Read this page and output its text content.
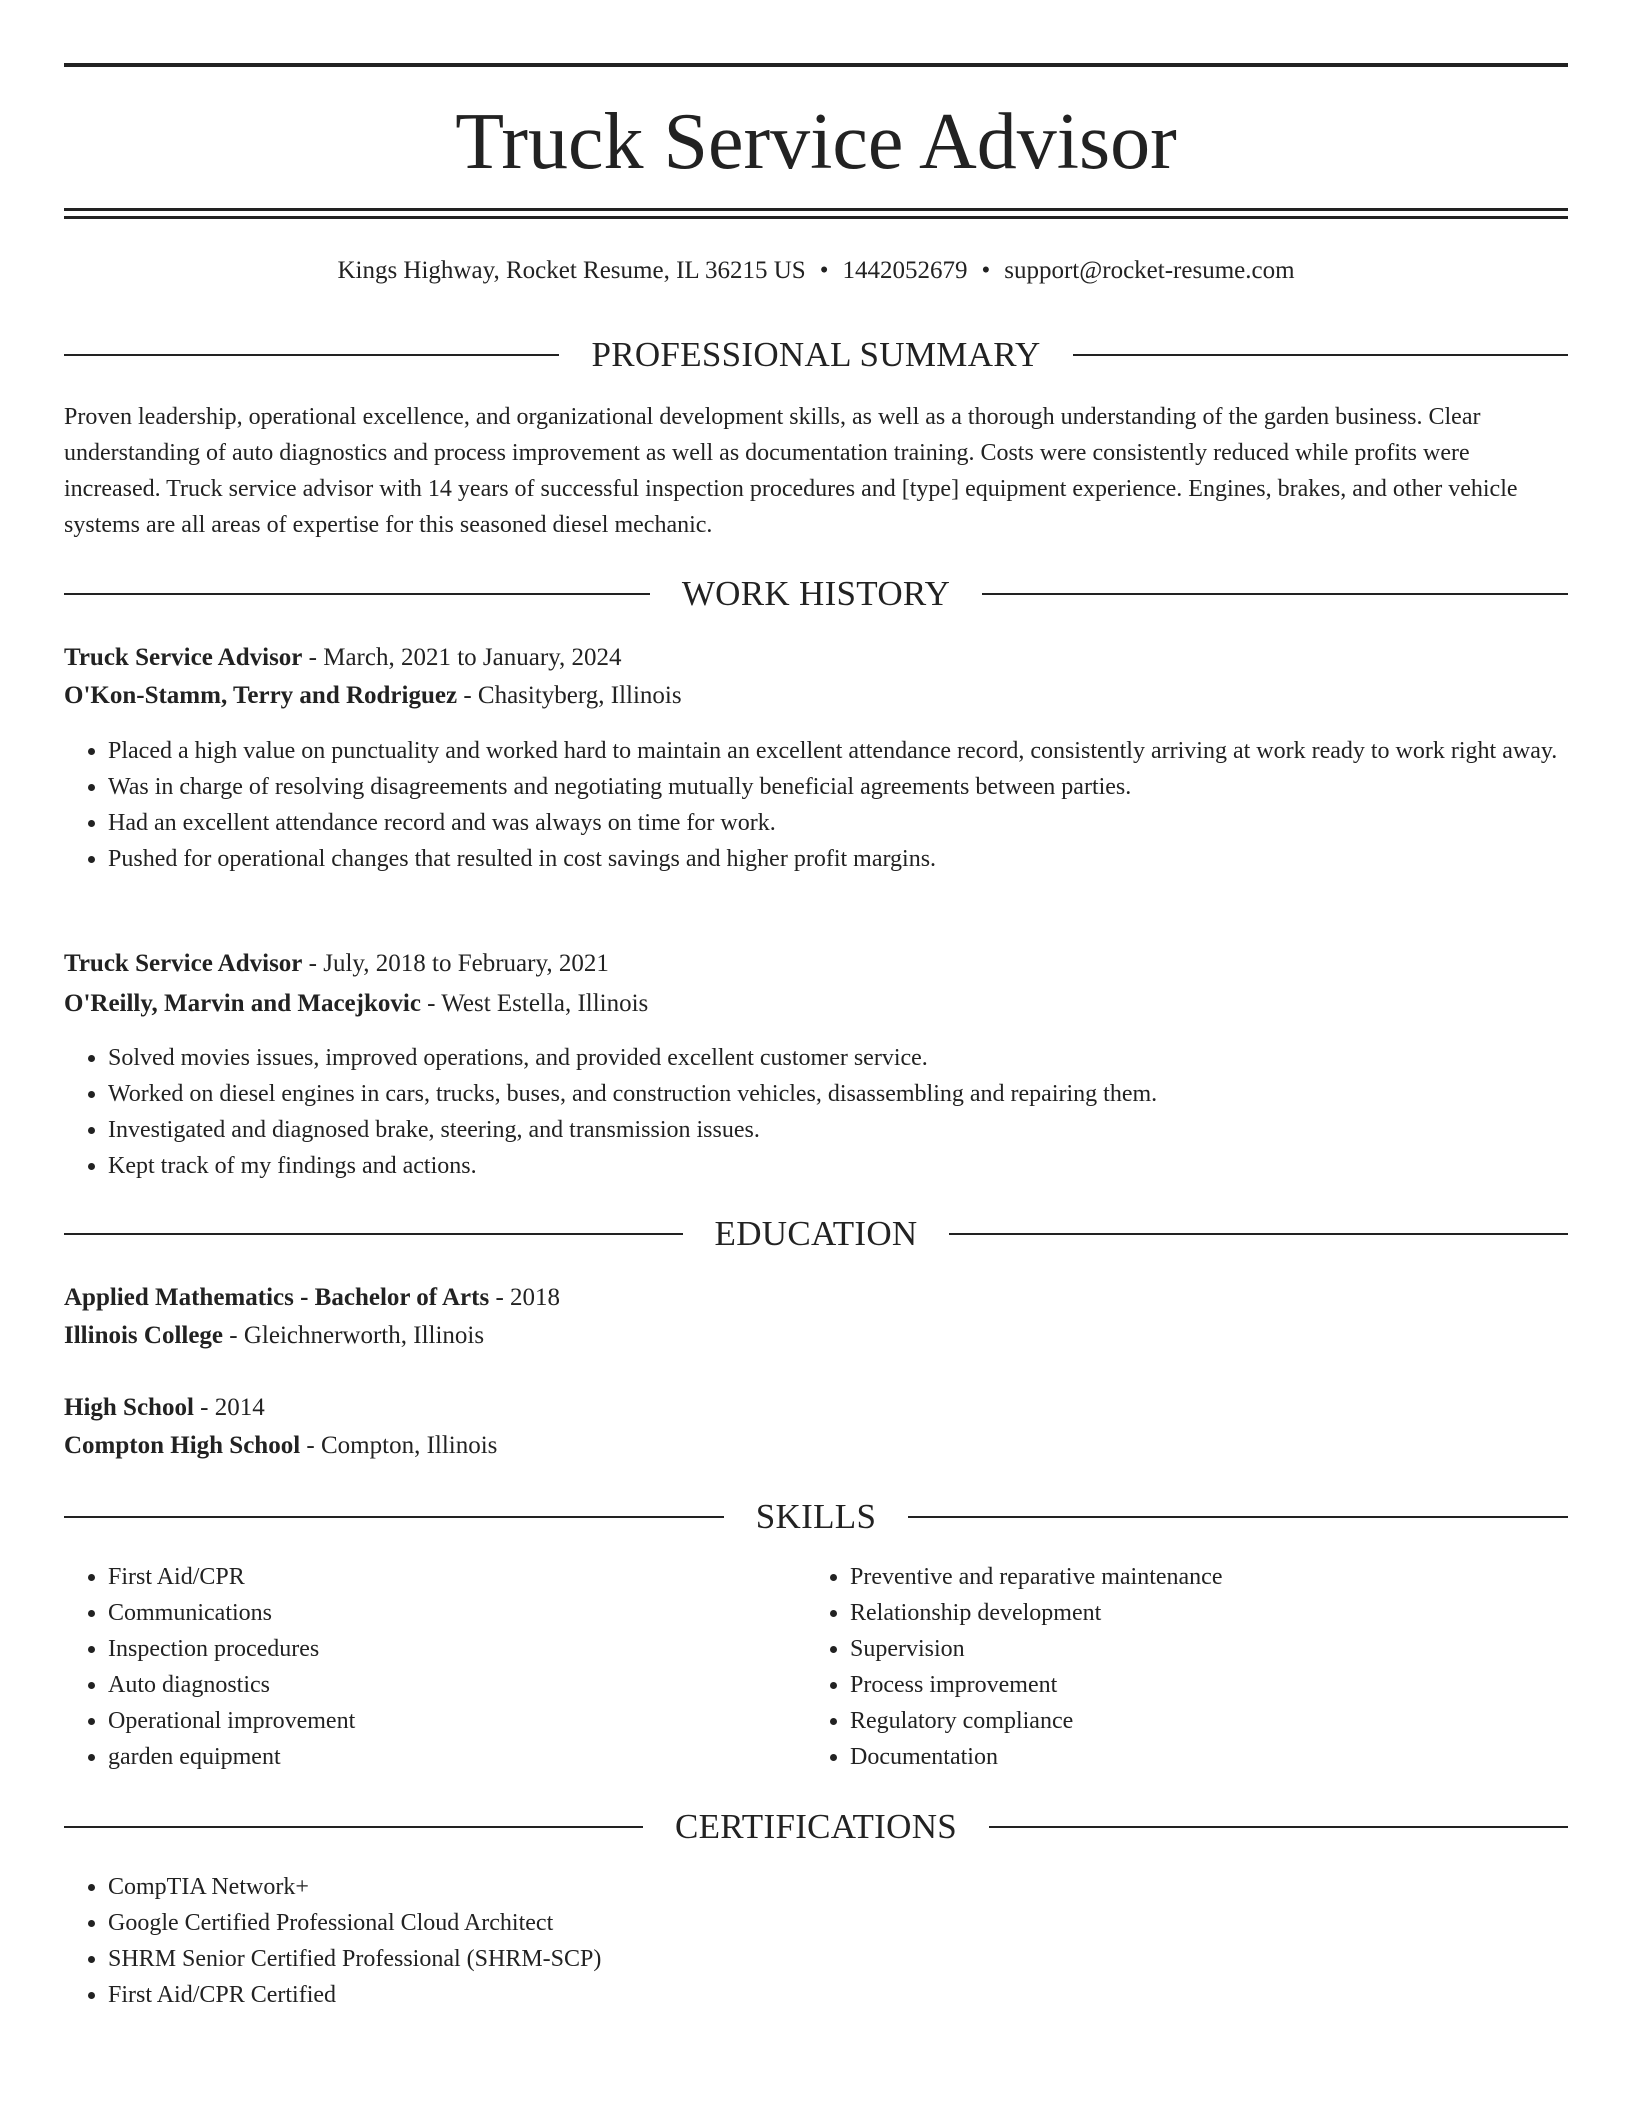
Truck Service Advisor
Kings Highway, Rocket Resume, IL 36215 US • 1442052679 • support@rocket-resume.com
PROFESSIONAL SUMMARY

Proven leadership, operational excellence, and organizational development skills, as well as a thorough understanding of the garden business. Clear understanding of auto diagnostics and process improvement as well as documentation training. Costs were consistently reduced while profits were increased. Truck service advisor with 14 years of successful inspection procedures and [type] equipment experience. Engines, brakes, and other vehicle systems are all areas of expertise for this seasoned diesel mechanic.

WORK HISTORY
Truck Service Advisor - March, 2021 to January, 2024
O'Kon-Stamm, Terry and Rodriguez - Chasityberg, Illinois
• Placed a high value on punctuality and worked hard to maintain an excellent attendance record, consistently arriving at work ready to work right away.
• Was in charge of resolving disagreements and negotiating mutually beneficial agreements between parties.
• Had an excellent attendance record and was always on time for work.
• Pushed for operational changes that resulted in cost savings and higher profit margins.
Truck Service Advisor - July, 2018 to February, 2021
O'Reilly, Marvin and Macejkovic - West Estella, Illinois
• Solved movies issues, improved operations, and provided excellent customer service.
• Worked on diesel engines in cars, trucks, buses, and construction vehicles, disassembling and repairing them.
• Investigated and diagnosed brake, steering, and transmission issues.
• Kept track of my findings and actions.
EDUCATION
Applied Mathematics - Bachelor of Arts - 2018
Illinois College - Gleichnerworth, Illinois
High School - 2014
Compton High School - Compton, Illinois
SKILLS
• First Aid/CPR
• Communications
• Inspection procedures
• Auto diagnostics
• Operational improvement
• garden equipment
• Preventive and reparative maintenance
• Relationship development
• Supervision
• Process improvement
• Regulatory compliance
• Documentation
CERTIFICATIONS
• CompTIA Network+
• Google Certified Professional Cloud Architect
• SHRM Senior Certified Professional (SHRM-SCP)
• First Aid/CPR Certified
